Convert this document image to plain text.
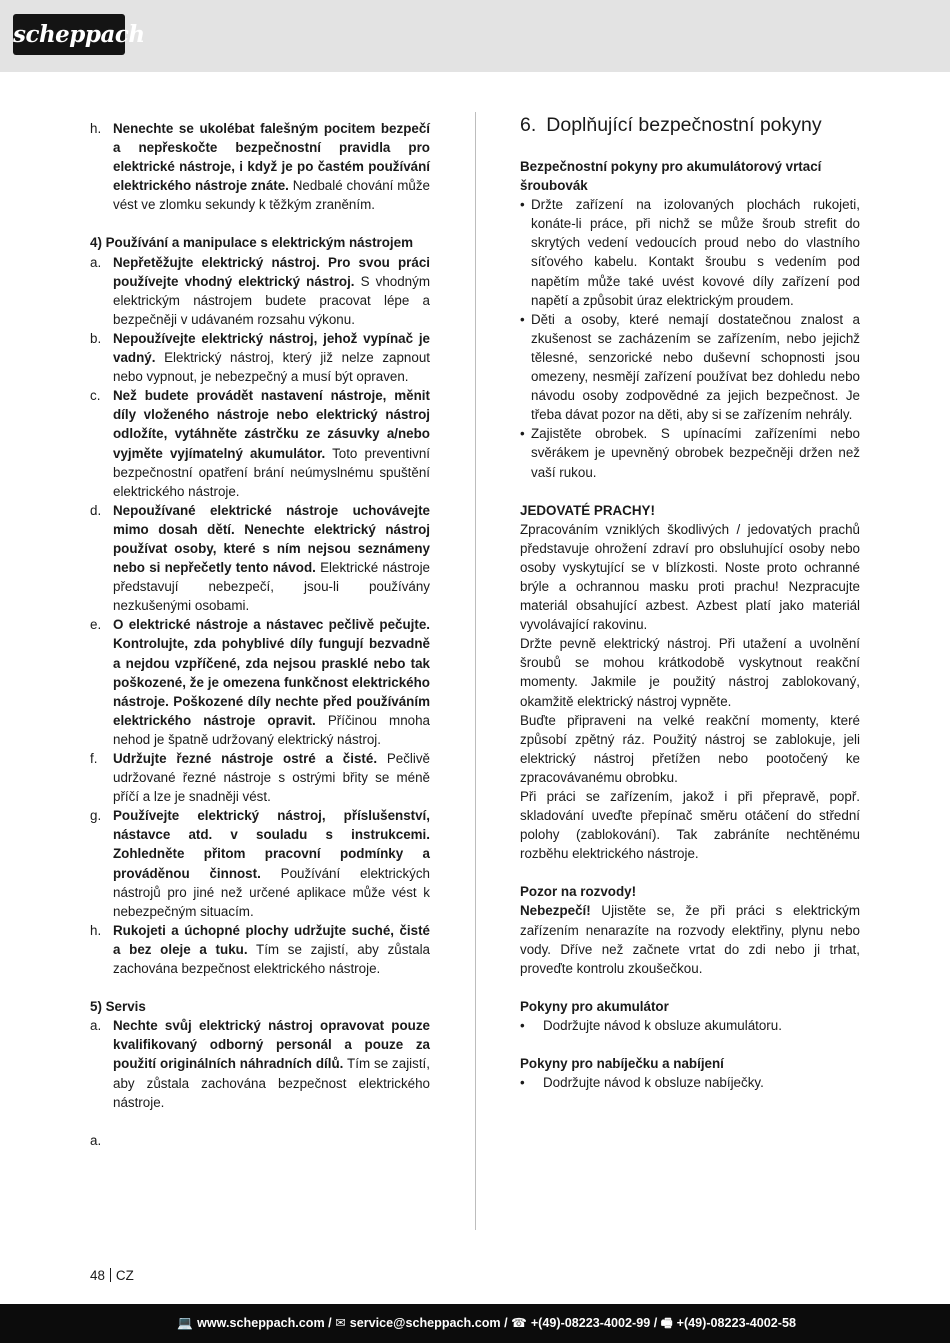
scheppach
h. Nenechte se ukolébat falešným pocitem bezpečí a nepřeskočte bezpečnostní pravidla pro elektrické nástroje, i když je po častém používání elektrického nástroje znáte. Nedbalé chování může vést ve zlomku sekundy k těžkým zraněním.
4) Používání a manipulace s elektrickým nástrojem
a. Nepřetěžujte elektrický nástroj. Pro svou práci používejte vhodný elektrický nástroj. S vhodným elektrickým nástrojem budete pracovat lépe a bezpečněji v udávaném rozsahu výkonu.
b. Nepoužívejte elektrický nástroj, jehož vypínač je vadný. Elektrický nástroj, který již nelze zapnout nebo vypnout, je nebezpečný a musí být opraven.
c. Než budete provádět nastavení nástroje, měnit díly vloženého nástroje nebo elektrický nástroj odložíte, vytáhněte zástrčku ze zásuvky a/nebo vyjměte vyjímatelný akumulátor. Toto preventivní bezpečnostní opatření brání neúmyslnému spuštění elektrického nástroje.
d. Nepoužívané elektrické nástroje uchovávejte mimo dosah dětí. Nenechte elektrický nástroj používat osoby, které s ním nejsou seznámeny nebo si nepřečetly tento návod. Elektrické nástroje představují nebezpečí, jsou-li používány nezkušenými osobami.
e. O elektrické nástroje a nástavec pečlivě pečujte. Kontrolujte, zda pohyblivé díly fungují bezvadně a nejdou vzpříčené, zda nejsou prasklé nebo tak poškozené, že je omezena funkčnost elektrického nástroje. Poškozené díly nechte před používáním elektrického nástroje opravit. Příčinou mnoha nehod je špatně udržovaný elektrický nástroj.
f. Udržujte řezné nástroje ostré a čisté. Pečlivě udržované řezné nástroje s ostrými břity se méně příčí a lze je snadněji vést.
g. Používejte elektrický nástroj, příslušenství, nástavce atd. v souladu s instrukcemi. Zohledněte přitom pracovní podmínky a prováděnou činnost. Používání elektrických nástrojů pro jiné než určené aplikace může vést k nebezpečným situacím.
h. Rukojeti a úchopné plochy udržujte suché, čisté a bez oleje a tuku. Tím se zajistí, aby zůstala zachována bezpečnost elektrického nástroje.
5) Servis
a. Nechte svůj elektrický nástroj opravovat pouze kvalifikovaný odborný personál a pouze za použití originálních náhradních dílů. Tím se zajistí, aby zůstala zachována bezpečnost elektrického nástroje.
a.

6. Doplňující bezpečnostní pokyny
Bezpečnostní pokyny pro akumulátorový vrtací šroubovák
• Držte zařízení na izolovaných plochách rukojeti, konáte-li práce, při nichž se může šroub strefit do skrytých vedení vedoucích proud nebo do vlastního síťového kabelu. Kontakt šroubu s vedením pod napětím může také uvést kovové díly zařízení pod napětí a způsobit úraz elektrickým proudem.
• Děti a osoby, které nemají dostatečnou znalost a zkušenost se zacházením se zařízením, nebo jejichž tělesné, senzorické nebo duševní schopnosti jsou omezeny, nesmějí zařízení používat bez dohledu nebo návodu osoby zodpovědné za jejich bezpečnost. Je třeba dávat pozor na děti, aby si se zařízením nehrály.
• Zajistěte obrobek. S upínacími zařízeními nebo svěrákem je upevněný obrobek bezpečněji držen než vaší rukou.
JEDOVATÉ PRACHY!
Zpracováním vzniklých škodlivých / jedovatých prachů představuje ohrožení zdraví pro obsluhující osoby nebo osoby vyskytující se v blízkosti. Noste proto ochranné brýle a ochrannou masku proti prachu! Nezpracujte materiál obsahující azbest. Azbest platí jako materiál vyvolávající rakovinu.
Držte pevně elektrický nástroj. Při utažení a uvolnění šroubů se mohou krátkodobě vyskytnout reakční momenty. Jakmile je použitý nástroj zablokovaný, okamžitě elektrický nástroj vypněte.
Buďte připraveni na velké reakční momenty, které způsobí zpětný ráz. Použitý nástroj se zablokuje, jeli elektrický nástroj přetížen nebo pootočený ke zpracovávanému obrobku.
Při práci se zařízením, jakož i při přepravě, popř. skladování uveďte přepínač směru otáčení do střední polohy (zablokování). Tak zabráníte nechtěnému rozběhu elektrického nástroje.
Pozor na rozvody!
Nebezpečí! Ujistěte se, že při práci s elektrickým zařízením nenarazíte na rozvody elektřiny, plynu nebo vody. Dříve než začnete vrtat do zdi nebo ji trhat, proveďte kontrolu zkoušečkou.
Pokyny pro akumulátor
• Dodržujte návod k obsluze akumulátoru.
Pokyny pro nabíječku a nabíjení
• Dodržujte návod k obsluze nabíječky.
48 CZ
💻 www.scheppach.com / ✉ service@scheppach.com / ☎ +(49)-08223-4002-99 / 🖷 +(49)-08223-4002-58
